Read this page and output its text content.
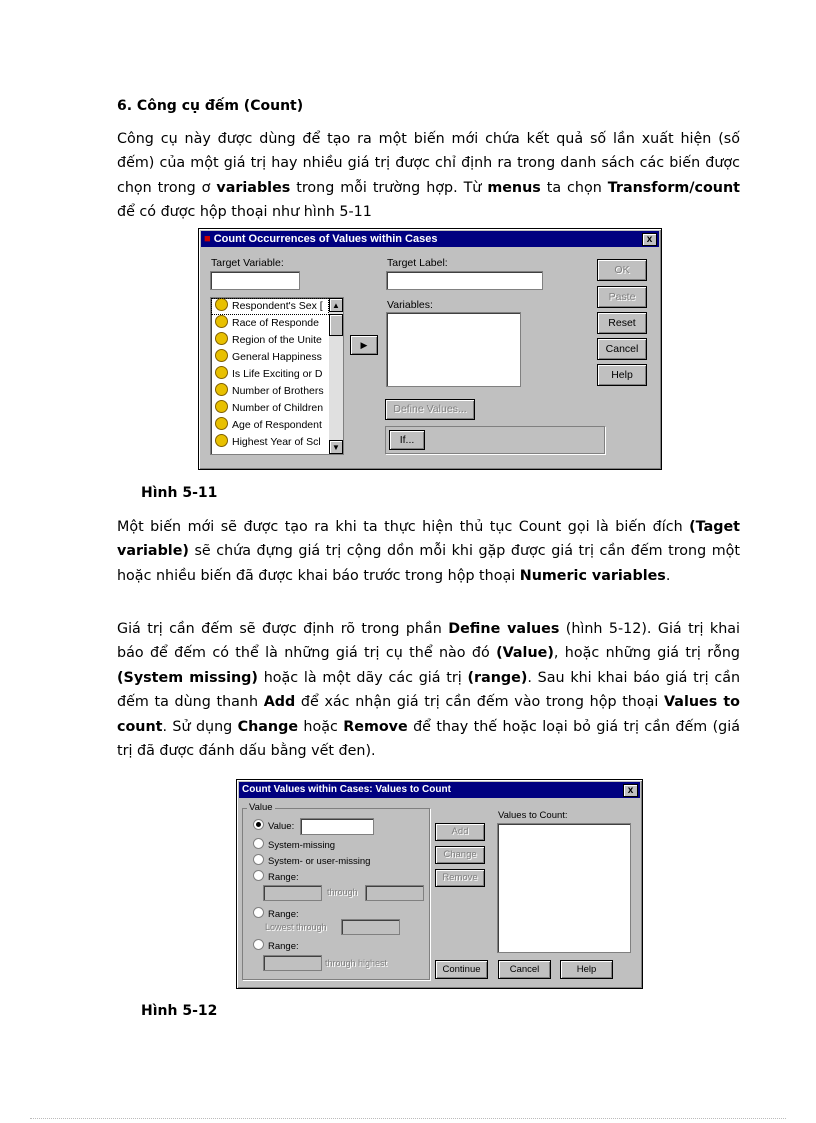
6. Công cụ đếm (Count)
Công cụ này được dùng để tạo ra một biến mới chứa kết quả số lần xuất hiện (số đếm) của một giá trị hay nhiều giá trị được chỉ định ra trong danh sách các biến được chọn trong ơ variables trong mỗi trường hợp. Từ menus ta chọn Transform/count để có được hộp thoại như hình 5-11
■ Count Occurrences of Values within Cases	x
Target Variable:	Target Label:
Respondent's Sex [
Race of Responde
Region of the Unite
General Happiness
Is Life Exciting or D
Number of Brothers
Number of Children
Age of Respondent
Highest Year of Scl
▲
▼
▶
Variables:
Define Values...
If...
OK
Paste
Reset
Cancel
Help
Hình 5-11
Một biến mới sẽ được tạo ra khi ta thực hiện thủ tục Count gọi là biến đích (Taget variable) sẽ chứa đựng giá trị cộng dồn mỗi khi gặp được giá trị cần đếm trong một hoặc nhiều biến đã được khai báo trước trong hộp thoại Numeric variables.
Giá trị cần đếm sẽ được định rõ trong phần Define values (hình 5-12). Giá trị khai báo để đếm có thể là những giá trị cụ thể nào đó (Value), hoặc những giá trị rỗng (System missing) hoặc là một dãy các giá trị (range). Sau khi khai báo giá trị cần đếm ta dùng thanh Add để xác nhận giá trị cần đếm vào trong hộp thoại Values to count. Sử dụng Change hoặc Remove để thay thế hoặc loại bỏ giá trị cần đếm (giá trị đã được đánh dấu bằng vết đen).
Count Values within Cases: Values to Count	x
Value
Value:
System-missing
System- or user-missing
Range:
through
Range:
Lowest through
Range:
through highest
Add
Change
Remove
Values to Count:
Continue	Cancel	Help
Hình 5-12
